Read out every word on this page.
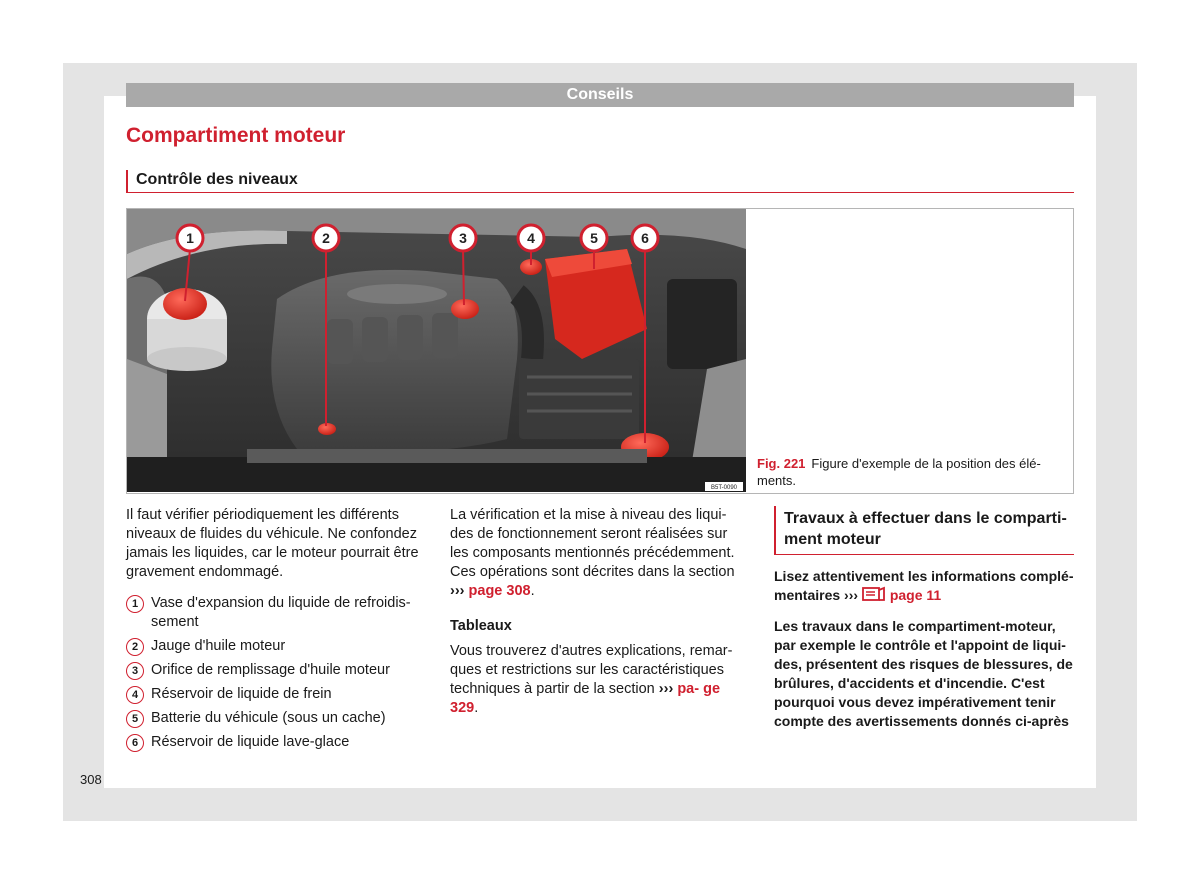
Conseils
Compartiment moteur
Contrôle des niveaux
1	2	3	4	5	6
B5T-0090
Fig. 221 Figure d'exemple de la position des élé- ments.
Il faut vérifier périodiquement les différents niveaux de fluides du véhicule. Ne confondez jamais les liquides, car le moteur pourrait être gravement endommagé.
1 Vase d'expansion du liquide de refroidis- sement
2 Jauge d'huile moteur
3 Orifice de remplissage d'huile moteur
4 Réservoir de liquide de frein
5 Batterie du véhicule (sous un cache)
6 Réservoir de liquide lave-glace
La vérification et la mise à niveau des liqui- des de fonctionnement seront réalisées sur les composants mentionnés précédemment. Ces opérations sont décrites dans la section ››› page 308.
Tableaux
Vous trouverez d'autres explications, remar- ques et restrictions sur les caractéristiques techniques à partir de la section ››› pa- ge 329.
Travaux à effectuer dans le comparti- ment moteur
Lisez attentivement les informations complé- mentaires ››› page 11
Les travaux dans le compartiment-moteur, par exemple le contrôle et l'appoint de liqui- des, présentent des risques de blessures, de brûlures, d'accidents et d'incendie. C'est pourquoi vous devez impérativement tenir compte des avertissements donnés ci-après
308
